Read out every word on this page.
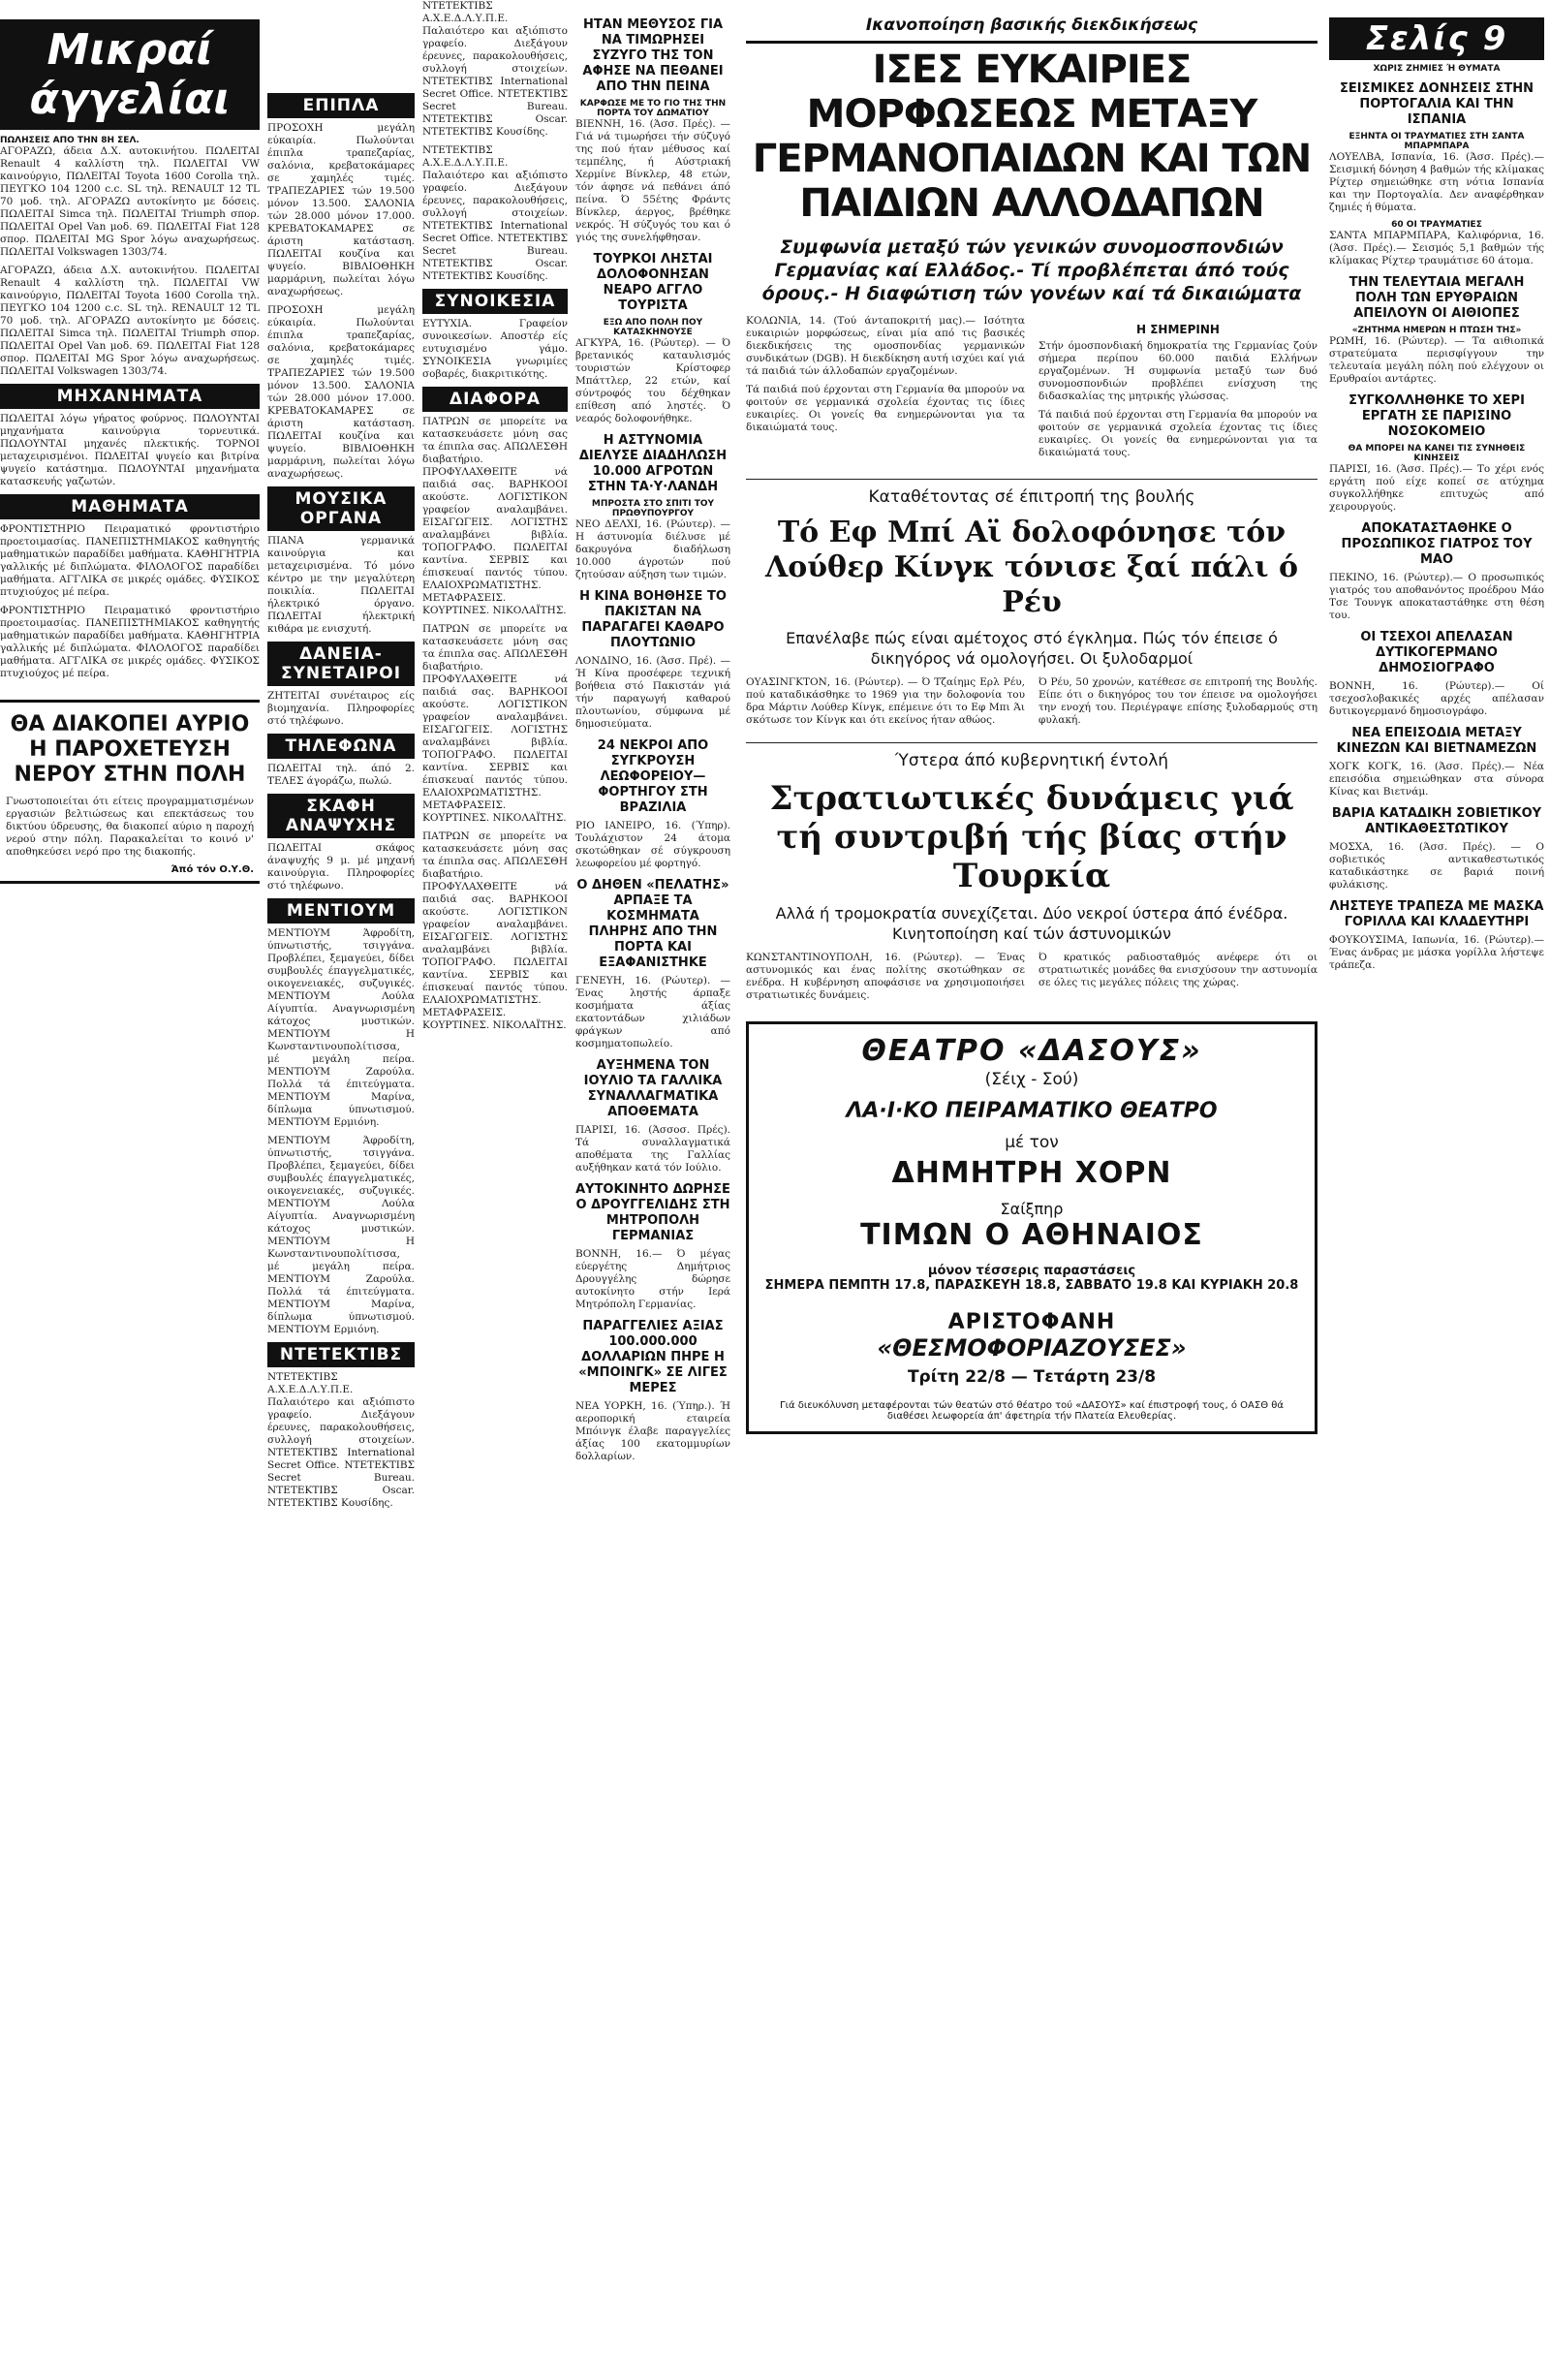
Μικραί άγγελίαι
ΠΩΛΗΣΕΙΣ ΑΠΟ ΤΗΝ 8Η ΣΕΛ.

ΑΓΟΡΑΖΩ, άδεια Δ.Χ. αυτοκινήτου. ΠΩΛΕΙΤΑΙ Renault 4 καλλίστη τηλ. ΠΩΛΕΙΤΑΙ VW καινούργιο, ΠΩΛΕΙΤΑΙ Toyota 1600 Corolla τηλ. ΠΕΥΓΚΟ 104 1200 c.c. SL τηλ. RENAULT 12 TL 70 μοδ. τηλ. ΑΓΟΡΑΖΩ αυτοκίνητο με δόσεις. ΠΩΛΕΙΤΑΙ Simca τηλ. ΠΩΛΕΙΤΑΙ Triumph σπορ. ΠΩΛΕΙΤΑΙ Opel Van μοδ. 69. ΠΩΛΕΙΤΑΙ Fiat 128 σπορ. ΠΩΛΕΙΤΑΙ MG Spor λόγω αναχωρήσεως. ΠΩΛΕΙΤΑΙ Volkswagen 1303/74.

ΑΓΟΡΑΖΩ, άδεια Δ.Χ. αυτοκινήτου. ΠΩΛΕΙΤΑΙ Renault 4 καλλίστη τηλ. ΠΩΛΕΙΤΑΙ VW καινούργιο, ΠΩΛΕΙΤΑΙ Toyota 1600 Corolla τηλ. ΠΕΥΓΚΟ 104 1200 c.c. SL τηλ. RENAULT 12 TL 70 μοδ. τηλ. ΑΓΟΡΑΖΩ αυτοκίνητο με δόσεις. ΠΩΛΕΙΤΑΙ Simca τηλ. ΠΩΛΕΙΤΑΙ Triumph σπορ. ΠΩΛΕΙΤΑΙ Opel Van μοδ. 69. ΠΩΛΕΙΤΑΙ Fiat 128 σπορ. ΠΩΛΕΙΤΑΙ MG Spor λόγω αναχωρήσεως. ΠΩΛΕΙΤΑΙ Volkswagen 1303/74.

ΜΗΧΑΝΗΜΑΤΑ

ΠΩΛΕΙΤΑΙ λόγω γήρατος φούρνος. ΠΩΛΟΥΝΤΑΙ μηχανήματα καινούργια τορνευτικά. ΠΩΛΟΥΝΤΑΙ μηχανές πλεκτικής. ΤΟΡΝΟΙ μεταχειρισμένοι. ΠΩΛΕΙΤΑΙ ψυγείο και βιτρίνα ψυγείο κατάστημα. ΠΩΛΟΥΝΤΑΙ μηχανήματα κατασκευής γαζωτών.

ΜΑΘΗΜΑΤΑ

ΦΡΟΝΤΙΣΤΗΡΙΟ Πειραματικό φροντιστήριο προετοιμασίας. ΠΑΝΕΠΙΣΤΗΜΙΑΚΟΣ καθηγητής μαθηματικών παραδίδει μαθήματα. ΚΑΘΗΓΗΤΡΙΑ γαλλικής μέ διπλώματα. ΦΙΛΟΛΟΓΟΣ παραδίδει μαθήματα. ΑΓΓΛΙΚΑ σε μικρές ομάδες. ΦΥΣΙΚΟΣ πτυχιούχος μέ πείρα.

ΦΡΟΝΤΙΣΤΗΡΙΟ Πειραματικό φροντιστήριο προετοιμασίας. ΠΑΝΕΠΙΣΤΗΜΙΑΚΟΣ καθηγητής μαθηματικών παραδίδει μαθήματα. ΚΑΘΗΓΗΤΡΙΑ γαλλικής μέ διπλώματα. ΦΙΛΟΛΟΓΟΣ παραδίδει μαθήματα. ΑΓΓΛΙΚΑ σε μικρές ομάδες. ΦΥΣΙΚΟΣ πτυχιούχος μέ πείρα.

ΘΑ ΔΙΑΚΟΠΕΙ ΑΥΡΙΟ Η ΠΑΡΟΧΕΤΕΥΣΗ ΝΕΡΟΥ ΣΤΗΝ ΠΟΛΗ

Γνωστοποιείται ότι είτεις προγραμματισμένων εργασιών βελτιώσεως και επεκτάσεως του δικτύου ύδρευσης, θα διακοπεί αύριο η παροχή νερού στην πόλη. Παρακαλείται το κοινό ν' αποθηκεύσει νερό προ της διακοπής.

Άπό τόν Ο.Υ.Θ.
ΕΠΙΠΛΑ

ΠΡΟΣΟΧΗ μεγάλη εύκαιρία. Πωλούνται έπιπλα τραπεζαρίας, σαλόνια, κρεβατοκάμαρες σε χαμηλές τιμές. ΤΡΑΠΕΖΑΡΙΕΣ τών 19.500 μόνον 13.500. ΣΑΛΟΝΙΑ τών 28.000 μόνον 17.000. ΚΡΕΒΑΤΟΚΑΜΑΡΕΣ σε άριστη κατάσταση. ΠΩΛΕΙΤΑΙ κουζίνα και ψυγείο. ΒΙΒΛΙΟΘΗΚΗ μαρμάρινη, πωλείται λόγω αναχωρήσεως.

ΠΡΟΣΟΧΗ μεγάλη εύκαιρία. Πωλούνται έπιπλα τραπεζαρίας, σαλόνια, κρεβατοκάμαρες σε χαμηλές τιμές. ΤΡΑΠΕΖΑΡΙΕΣ τών 19.500 μόνον 13.500. ΣΑΛΟΝΙΑ τών 28.000 μόνον 17.000. ΚΡΕΒΑΤΟΚΑΜΑΡΕΣ σε άριστη κατάσταση. ΠΩΛΕΙΤΑΙ κουζίνα και ψυγείο. ΒΙΒΛΙΟΘΗΚΗ μαρμάρινη, πωλείται λόγω αναχωρήσεως.

ΜΟΥΣΙΚΑ ΟΡΓΑΝΑ

ΠΙΑΝΑ γερμανικά καινούργια και μεταχειρισμένα. Τό μόνο κέντρο με την μεγαλύτερη ποικιλία. ΠΩΛΕΙΤΑΙ ήλεκτρικό όργανο. ΠΩΛΕΙΤΑΙ ήλεκτρική κιθάρα με ενισχυτή.

ΔΑΝΕΙΑ-ΣΥΝΕΤΑΙΡΟΙ

ΖΗΤΕΙΤΑΙ συνέταιρος είς βιομηχανία. Πληροφορίες στό τηλέφωνο.

ΤΗΛΕΦΩΝΑ

ΠΩΛΕΙΤΑΙ τηλ. άπό 2. ΤΕΛΕΣ άγοράζω, πωλώ.

ΣΚΑΦΗ ΑΝΑΨΥΧΗΣ

ΠΩΛΕΙΤΑΙ σκάφος άναψυχής 9 μ. μέ μηχανή καινούργια. Πληροφορίες στό τηλέφωνο.

ΜΕΝΤΙΟΥΜ

ΜΕΝΤΙΟΥΜ Άφροδίτη, ύπνωτιστής, τσιγγάνα. Προβλέπει, ξεμαγεύει, δίδει συμβουλές έπαγγελματικές, οικογενειακές, συζυγικές. ΜΕΝΤΙΟΥΜ Λούλα Αίγυπτία. Αναγνωρισμένη κάτοχος μυστικών. ΜΕΝΤΙΟΥΜ Η Κωνσταντινουπολίτισσα, μέ μεγάλη πείρα. ΜΕΝΤΙΟΥΜ Ζαρούλα. Πολλά τά έπιτεύγματα. ΜΕΝΤΙΟΥΜ Μαρίνα, δίπλωμα ύπνωτισμού. ΜΕΝΤΙΟΥΜ Ερμιόνη.

ΜΕΝΤΙΟΥΜ Άφροδίτη, ύπνωτιστής, τσιγγάνα. Προβλέπει, ξεμαγεύει, δίδει συμβουλές έπαγγελματικές, οικογενειακές, συζυγικές. ΜΕΝΤΙΟΥΜ Λούλα Αίγυπτία. Αναγνωρισμένη κάτοχος μυστικών. ΜΕΝΤΙΟΥΜ Η Κωνσταντινουπολίτισσα, μέ μεγάλη πείρα. ΜΕΝΤΙΟΥΜ Ζαρούλα. Πολλά τά έπιτεύγματα. ΜΕΝΤΙΟΥΜ Μαρίνα, δίπλωμα ύπνωτισμού. ΜΕΝΤΙΟΥΜ Ερμιόνη.

ΝΤΕΤΕΚΤΙΒΣ

ΝΤΕΤΕΚΤΙΒΣ Α.Χ.Ε.Δ.Λ.Υ.Π.Ε. Παλαιότερο και αξιόπιστο γραφείο. Διεξάγουν έρευνες, παρακολουθήσεις, συλλογή στοιχείων. ΝΤΕΤΕΚΤΙΒΣ International Secret Office. ΝΤΕΤΕΚΤΙΒΣ Secret Bureau. ΝΤΕΤΕΚΤΙΒΣ Oscar. ΝΤΕΤΕΚΤΙΒΣ Κουσίδης.

ΝΤΕΤΕΚΤΙΒΣ Α.Χ.Ε.Δ.Λ.Υ.Π.Ε. Παλαιότερο και αξιόπιστο γραφείο. Διεξάγουν έρευνες, παρακολουθήσεις, συλλογή στοιχείων. ΝΤΕΤΕΚΤΙΒΣ International Secret Office. ΝΤΕΤΕΚΤΙΒΣ Secret Bureau. ΝΤΕΤΕΚΤΙΒΣ Oscar. ΝΤΕΤΕΚΤΙΒΣ Κουσίδης.

ΝΤΕΤΕΚΤΙΒΣ Α.Χ.Ε.Δ.Λ.Υ.Π.Ε. Παλαιότερο και αξιόπιστο γραφείο. Διεξάγουν έρευνες, παρακολουθήσεις, συλλογή στοιχείων. ΝΤΕΤΕΚΤΙΒΣ International Secret Office. ΝΤΕΤΕΚΤΙΒΣ Secret Bureau. ΝΤΕΤΕΚΤΙΒΣ Oscar. ΝΤΕΤΕΚΤΙΒΣ Κουσίδης.

ΣΥΝΟΙΚΕΣΙΑ

ΕΥΤΥΧΙΑ. Γραφείον συνοικεσίων. Αποστέρ είς ευτυχισμένο γάμο. ΣΥΝΟΙΚΕΣΙΑ γνωριμίες σοβαρές, διακριτικότης.

ΔΙΑΦΟΡΑ

ΠΑΤΡΩΝ σε μπορείτε να κατασκευάσετε μόνη σας τα έπιπλα σας. ΑΠΩΛΕΣΘΗ διαβατήριο. ΠΡΟΦΥΛΑΧΘΕΙΤΕ νά παιδιά σας. ΒΑΡΗΚΟΟΙ ακούστε. ΛΟΓΙΣΤΙΚΟΝ γραφείον αναλαμβάνει. ΕΙΣΑΓΩΓΕΙΣ. ΛΟΓΙΣΤΗΣ αναλαμβάνει βιβλία. ΤΟΠΟΓΡΑΦΟ. ΠΩΛΕΙΤΑΙ καντίνα. ΣΕΡΒΙΣ και έπισκευαί παντός τύπου. ΕΛΑΙΟΧΡΩΜΑΤΙΣΤΗΣ. ΜΕΤΑΦΡΑΣΕΙΣ. ΚΟΥΡΤΙΝΕΣ. ΝΙΚΟΛΑΪΤΗΣ.

ΠΑΤΡΩΝ σε μπορείτε να κατασκευάσετε μόνη σας τα έπιπλα σας. ΑΠΩΛΕΣΘΗ διαβατήριο. ΠΡΟΦΥΛΑΧΘΕΙΤΕ νά παιδιά σας. ΒΑΡΗΚΟΟΙ ακούστε. ΛΟΓΙΣΤΙΚΟΝ γραφείον αναλαμβάνει. ΕΙΣΑΓΩΓΕΙΣ. ΛΟΓΙΣΤΗΣ αναλαμβάνει βιβλία. ΤΟΠΟΓΡΑΦΟ. ΠΩΛΕΙΤΑΙ καντίνα. ΣΕΡΒΙΣ και έπισκευαί παντός τύπου. ΕΛΑΙΟΧΡΩΜΑΤΙΣΤΗΣ. ΜΕΤΑΦΡΑΣΕΙΣ. ΚΟΥΡΤΙΝΕΣ. ΝΙΚΟΛΑΪΤΗΣ.

ΠΑΤΡΩΝ σε μπορείτε να κατασκευάσετε μόνη σας τα έπιπλα σας. ΑΠΩΛΕΣΘΗ διαβατήριο. ΠΡΟΦΥΛΑΧΘΕΙΤΕ νά παιδιά σας. ΒΑΡΗΚΟΟΙ ακούστε. ΛΟΓΙΣΤΙΚΟΝ γραφείον αναλαμβάνει. ΕΙΣΑΓΩΓΕΙΣ. ΛΟΓΙΣΤΗΣ αναλαμβάνει βιβλία. ΤΟΠΟΓΡΑΦΟ. ΠΩΛΕΙΤΑΙ καντίνα. ΣΕΡΒΙΣ και έπισκευαί παντός τύπου. ΕΛΑΙΟΧΡΩΜΑΤΙΣΤΗΣ. ΜΕΤΑΦΡΑΣΕΙΣ. ΚΟΥΡΤΙΝΕΣ. ΝΙΚΟΛΑΪΤΗΣ.

ΗΤΑΝ ΜΕΘΥΣΟΣ ΓΙΑ ΝΑ ΤΙΜΩΡΗΣΕΙ ΣΥΖΥΓΟ ΤΗΣ ΤΟΝ ΑΦΗΣΕ ΝΑ ΠΕΘΑΝΕΙ ΑΠΟ ΤΗΝ ΠΕΙΝΑ
ΚΑΡΦΩΣΕ ΜΕ ΤΟ ΓΙΟ ΤΗΣ ΤΗΝ ΠΟΡΤΑ ΤΟΥ ΔΩΜΑΤΙΟΥ

ΒΙΕΝΝΗ, 16. (Άσσ. Πρές). — Γιά νά τιμωρήσει τήν σύζυγό της πού ήταν μέθυσος καί τεμπέλης, ή Αύστριακή Χερμίνε Βίνκλερ, 48 ετών, τόν άφησε νά πεθάνει άπό πείνα. Ό 55έτης Φράντς Βίνκλερ, άεργος, βρέθηκε νεκρός. Ή σύζυγός του και ό γιός της συνελήφθησαν.

ΤΟΥΡΚΟΙ ΛΗΣΤΑΙ ΔΟΛΟΦΟΝΗΣΑΝ ΝΕΑΡΟ ΑΓΓΛΟ ΤΟΥΡΙΣΤΑ
ΕΞΩ ΑΠΟ ΠΟΛΗ ΠΟΥ ΚΑΤΑΣΚΗΝΟΥΣΕ

ΑΓΚΥΡΑ, 16. (Ρώυτερ). — Ό βρετανικός καταυλισμός τουριστών Κρίστοφερ Μπάττλερ, 22 ετών, καί σύντροφός του δέχθηκαν επίθεση από ληστές. Ό νεαρός δολοφονήθηκε.

Η ΑΣΤΥΝΟΜΙΑ ΔΙΕΛΥΣΕ ΔΙΑΔΗΛΩΣΗ 10.000 ΑΓΡΟΤΩΝ ΣΤΗΝ ΤΑ·Υ·ΛΑΝΔΗ
ΜΠΡΟΣΤΑ ΣΤΟ ΣΠΙΤΙ ΤΟΥ ΠΡΩΘΥΠΟΥΡΓΟΥ

ΝΕΟ ΔΕΛΧΙ, 16. (Ρώυτερ). — Η άστυνομία διέλυσε μέ δακρυγόνα διαδήλωση 10.000 άγροτών πού ζητούσαν αύξηση των τιμών.

Η ΚΙΝΑ ΒΟΗΘΗΣΕ ΤΟ ΠΑΚΙΣΤΑΝ ΝΑ ΠΑΡΑΓΑΓΕΙ ΚΑΘΑΡΟ ΠΛΟΥΤΩΝΙΟ

ΛΟΝΔΙΝΟ, 16. (Άσσ. Πρέ). — Ή Κίνα προσέφερε τεχνική βοήθεια στό Πακιστάν γιά τήν παραγωγή καθαρού πλουτωνίου, σύμφωνα μέ δημοσιεύματα.

24 ΝΕΚΡΟΙ ΑΠΟ ΣΥΓΚΡΟΥΣΗ ΛΕΩΦΟΡΕΙΟΥ—ΦΟΡΤΗΓΟΥ ΣΤΗ ΒΡΑΖΙΛΙΑ

ΡΙΟ ΙΑΝΕΙΡΟ, 16. (Ύπηρ). Τουλάχιστον 24 άτομα σκοτώθηκαν σέ σύγκρουση λεωφορείου μέ φορτηγό.

Ο ΔΗΘΕΝ «ΠΕΛΑΤΗΣ» ΑΡΠΑΞΕ ΤΑ ΚΟΣΜΗΜΑΤΑ ΠΛΗΡΗΣ ΑΠΟ ΤΗΝ ΠΟΡΤΑ ΚΑΙ ΕΞΑΦΑΝΙΣΤΗΚΕ

ΓΕΝΕΥΗ, 16. (Ρώυτερ). — Ένας ληστής άρπαξε κοσμήματα άξίας εκατοντάδων χιλιάδων φράγκων από κοσμηματοπωλείο.

ΑΥΞΗΜΕΝΑ ΤΟΝ ΙΟΥΛΙΟ ΤΑ ΓΑΛΛΙΚΑ ΣΥΝΑΛΛΑΓΜΑΤΙΚΑ ΑΠΟΘΕΜΑΤΑ

ΠΑΡΙΣΙ, 16. (Άσσοσ. Πρές). Τά συναλλαγματικά αποθέματα της Γαλλίας αυξήθηκαν κατά τόν Ιούλιο.

ΑΥΤΟΚΙΝΗΤΟ ΔΩΡΗΣΕ Ο ΔΡΟΥΓΓΕΛΙΔΗΣ ΣΤΗ ΜΗΤΡΟΠΟΛΗ ΓΕΡΜΑΝΙΑΣ

ΒΟΝΝΗ, 16.— Ό μέγας εύεργέτης Δημήτριος Δρουγγέλης δώρησε αυτοκίνητο στήν Ιερά Μητρόπολη Γερμανίας.

ΠΑΡΑΓΓΕΛΙΕΣ ΑΞΙΑΣ 100.000.000 ΔΟΛΛΑΡΙΩΝ ΠΗΡΕ Η «ΜΠΟΙΝΓΚ» ΣΕ ΛΙΓΕΣ ΜΕΡΕΣ

ΝΕΑ ΥΟΡΚΗ, 16. (Ύπηρ.). Ή αεροπορική εταιρεία Μπόινγκ έλαβε παραγγελίες άξίας 100 εκατομμυρίων δολλαρίων.

Ικανοποίηση βασικής διεκδικήσεως
ΙΣΕΣ ΕΥΚΑΙΡΙΕΣ ΜΟΡΦΩΣΕΩΣ ΜΕΤΑΞΥ ΓΕΡΜΑΝΟΠΑΙΔΩΝ ΚΑΙ ΤΩΝ ΠΑΙΔΙΩΝ ΑΛΛΟΔΑΠΩΝ
Συμφωνία μεταξύ τών γενικών συνομοσπονδιών Γερμανίας καί Ελλάδος.- Τί προβλέπεται άπό τούς όρους.- Η διαφώτιση τών γονέων καί τά δικαιώματα

ΚΟΛΩΝΙΑ, 14. (Τού άνταποκριτή μας).— Ισότητα ευκαιριών μορφώσεως, είναι μία από τις βασικές διεκδικήσεις της ομοσπονδίας γερμανικών συνδικάτων (DGB). Η διεκδίκηση αυτή ισχύει καί γιά τά παιδιά τών άλλοδαπών εργαζομένων.

Τά παιδιά πού έρχονται στη Γερμανία θα μπορούν να φοιτούν σε γερμανικά σχολεία έχοντας τις ίδιες ευκαιρίες. Οι γονείς θα ενημερώνονται για τα δικαιώματά τους.

Η ΣΗΜΕΡΙΝΗ

Στήν όμοσπονδιακή δημοκρατία της Γερμανίας ζούν σήμερα περίπου 60.000 παιδιά Ελλήνων εργαζομένων. Ή συμφωνία μεταξύ των δυό συνομοσπονδιών προβλέπει ενίσχυση της διδασκαλίας της μητρικής γλώσσας.

Τά παιδιά πού έρχονται στη Γερμανία θα μπορούν να φοιτούν σε γερμανικά σχολεία έχοντας τις ίδιες ευκαιρίες. Οι γονείς θα ενημερώνονται για τα δικαιώματά τους.

Καταθέτοντας σέ έπιτροπή της βουλής
Τό Εφ Μπί Αϊ δολοφόνησε τόν Λούθερ Κίνγκ τόνισε ξαί πάλι ό Ρέυ
Επανέλαβε πώς είναι αμέτοχος στό έγκλημα. Πώς τόν έπεισε ό δικηγόρος νά ομολογήσει. Οι ξυλοδαρμοί

ΟΥΑΣΙΝΓΚΤΟΝ, 16. (Ρώυτερ). — Ό Τζαίημς Ερλ Ρέυ, πού καταδικάσθηκε το 1969 για την δολοφονία του δρα Μάρτιν Λούθερ Κίνγκ, επέμεινε ότι το Εφ Μπι Άι σκότωσε τον Κίνγκ και ότι εκείνος ήταν αθώος.

Ό Ρέυ, 50 χρονών, κατέθεσε σε επιτροπή της Βουλής. Είπε ότι ο δικηγόρος του τον έπεισε να ομολογήσει την ενοχή του. Περιέγραψε επίσης ξυλοδαρμούς στη φυλακή.

Ύστερα άπό κυβερνητική έντολή
Στρατιωτικές δυνάμεις γιά τή συντριβή τής βίας στήν Τουρκία
Αλλά ή τρομοκρατία συνεχίζεται. Δύο νεκροί ύστερα άπό ένέδρα. Κινητοποίηση καί τών άστυνομικών

ΚΩΝΣΤΑΝΤΙΝΟΥΠΟΛΗ, 16. (Ρώυτερ). — Ένας αστυνομικός και ένας πολίτης σκοτώθηκαν σε ενέδρα. Η κυβέρνηση αποφάσισε να χρησιμοποιήσει στρατιωτικές δυνάμεις.

Ό κρατικός ραδιοσταθμός ανέφερε ότι οι στρατιωτικές μονάδες θα ενισχύσουν την αστυνομία σε όλες τις μεγάλες πόλεις της χώρας.

ΘΕΑΤΡΟ «ΔΑΣΟΥΣ»
(Σέιχ - Σού)
ΛΑ·Ι·ΚΟ ΠΕΙΡΑΜΑΤΙΚΟ ΘΕΑΤΡΟ
μέ τον
ΔΗΜΗΤΡΗ ΧΟΡΝ
Σαίξπηρ
ΤΙΜΩΝ Ο ΑΘΗΝΑΙΟΣ
μόνον τέσσερις παραστάσεις
ΣΗΜΕΡΑ ΠΕΜΠΤΗ 17.8, ΠΑΡΑΣΚΕΥΗ 18.8, ΣΑΒΒΑΤΟ 19.8 ΚΑΙ ΚΥΡΙΑΚΗ 20.8
ΑΡΙΣΤΟΦΑΝΗ
«ΘΕΣΜΟΦΟΡΙΑΖΟΥΣΕΣ»
Τρίτη 22/8 — Τετάρτη 23/8
Γιά διευκόλυνση μεταφέρονται τών θεατών στό θέατρο τού «ΔΑΣΟΥΣ» καί έπιστροφή τους, ό ΟΑΣΘ θά διαθέσει λεωφορεία άπ' άφετηρία τήν Πλατεία Ελευθερίας.
Σελίς 9
ΧΩΡΙΣ ΖΗΜΙΕΣ Ή ΘΥΜΑΤΑ
ΣΕΙΣΜΙΚΕΣ ΔΟΝΗΣΕΙΣ ΣΤΗΝ ΠΟΡΤΟΓΑΛΙΑ ΚΑΙ ΤΗΝ ΙΣΠΑΝΙΑ
ΕΞΗΝΤΑ ΟΙ ΤΡΑΥΜΑΤΙΕΣ ΣΤΗ ΣΑΝΤΑ ΜΠΑΡΜΠΑΡΑ

ΛΟΥΕΛΒΑ, Ισπανία, 16. (Άσσ. Πρές).— Σεισμική δόνηση 4 βαθμών τής κλίμακας Ρίχτερ σημειώθηκε στη νότια Ισπανία και την Πορτογαλία. Δεν αναφέρθηκαν ζημιές ή θύματα.

60 ΟΙ ΤΡΑΥΜΑΤΙΕΣ

ΣΑΝΤΑ ΜΠΑΡΜΠΑΡΑ, Καλιφόρνια, 16. (Άσσ. Πρές).— Σεισμός 5,1 βαθμών τής κλίμακας Ρίχτερ τραυμάτισε 60 άτομα.

ΤΗΝ ΤΕΛΕΥΤΑΙΑ ΜΕΓΑΛΗ ΠΟΛΗ ΤΩΝ ΕΡΥΘΡΑΙΩΝ ΑΠΕΙΛΟΥΝ ΟΙ ΑΙΘΙΟΠΕΣ
«ΖΗΤΗΜΑ ΗΜΕΡΩΝ Η ΠΤΩΣΗ ΤΗΣ»

ΡΩΜΗ, 16. (Ρώυτερ). — Τα αιθιοπικά στρατεύματα περισφίγγουν την τελευταία μεγάλη πόλη πού ελέγχουν οι Ερυθραίοι αντάρτες.

ΣΥΓΚΟΛΛΗΘΗΚΕ ΤΟ ΧΕΡΙ ΕΡΓΑΤΗ ΣΕ ΠΑΡΙΣΙΝΟ ΝΟΣΟΚΟΜΕΙΟ
ΘΑ ΜΠΟΡΕΙ ΝΑ ΚΑΝΕΙ ΤΙΣ ΣΥΝΗΘΕΙΣ ΚΙΝΗΣΕΙΣ

ΠΑΡΙΣΙ, 16. (Άσσ. Πρές).— Το χέρι ενός εργάτη πού είχε κοπεί σε ατύχημα συγκολλήθηκε επιτυχώς από χειρουργούς.

ΑΠΟΚΑΤΑΣΤΑΘΗΚΕ Ο ΠΡΟΣΩΠΙΚΟΣ ΓΙΑΤΡΟΣ ΤΟΥ ΜΑΟ

ΠΕΚΙΝΟ, 16. (Ρώυτερ).— Ο προσωπικός γιατρός του αποθανόντος προέδρου Μάο Τσε Τουνγκ αποκαταστάθηκε στη θέση του.

ΟΙ ΤΣΕΧΟΙ ΑΠΕΛΑΣΑΝ ΔΥΤΙΚΟΓΕΡΜΑΝΟ ΔΗΜΟΣΙΟΓΡΑΦΟ

ΒΟΝΝΗ, 16. (Ρώυτερ).— Οί τσεχοσλοβακικές αρχές απέλασαν δυτικογερμανό δημοσιογράφο.

ΝΕΑ ΕΠΕΙΣΟΔΙΑ ΜΕΤΑΞΥ ΚΙΝΕΖΩΝ ΚΑΙ ΒΙΕΤΝΑΜΕΖΩΝ

ΧΟΓΚ ΚΟΓΚ, 16. (Άσσ. Πρές).— Νέα επεισόδια σημειώθηκαν στα σύνορα Κίνας και Βιετνάμ.

ΒΑΡΙΑ ΚΑΤΑΔΙΚΗ ΣΟΒΙΕΤΙΚΟΥ ΑΝΤΙΚΑΘΕΣΤΩΤΙΚΟΥ

ΜΟΣΧΑ, 16. (Άσσ. Πρές). — Ο σοβιετικός αντικαθεστωτικός καταδικάστηκε σε βαριά ποινή φυλάκισης.

ΛΗΣΤΕΥΕ ΤΡΑΠΕΖΑ ΜΕ ΜΑΣΚΑ ΓΟΡΙΛΛΑ ΚΑΙ ΚΛΑΔΕΥΤΗΡΙ

ΦΟΥΚΟΥΣΙΜΑ, Ιαπωνία, 16. (Ρώυτερ).— Ένας άνδρας με μάσκα γορίλλα λήστεψε τράπεζα.
